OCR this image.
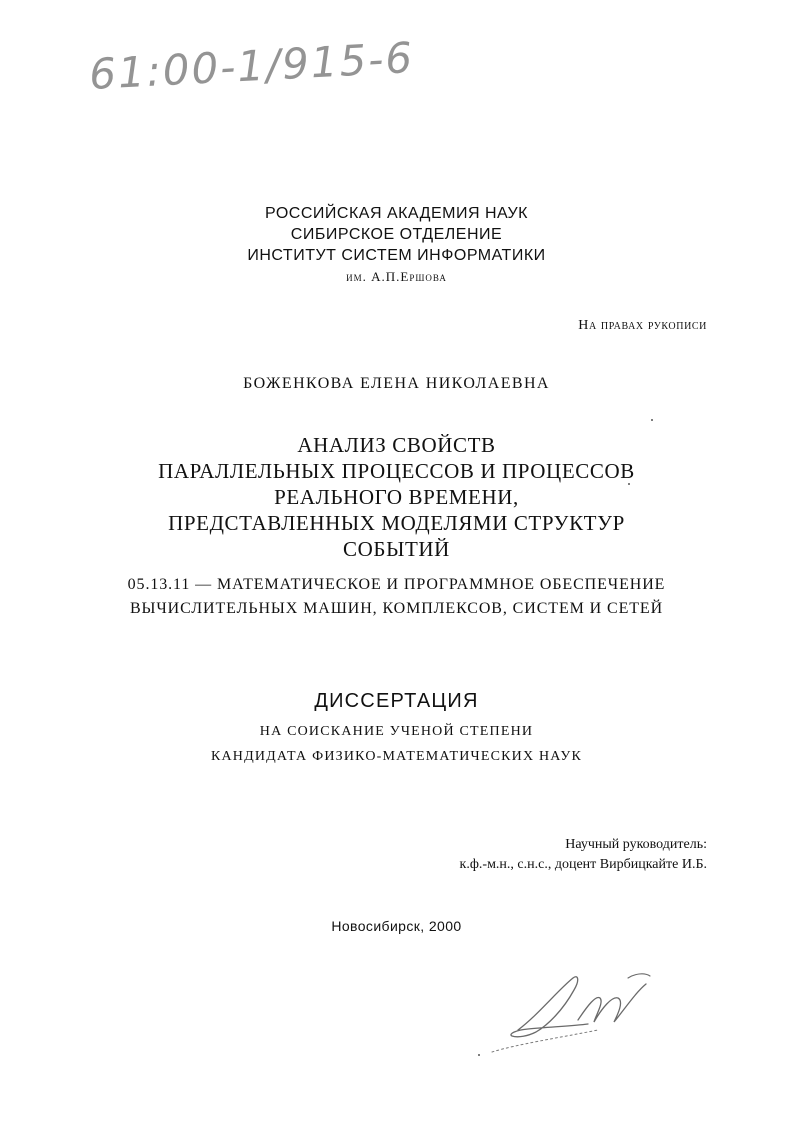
61:00-1/915-6
РОССИЙСКАЯ АКАДЕМИЯ НАУК
СИБИРСКОЕ ОТДЕЛЕНИЕ
ИНСТИТУТ СИСТЕМ ИНФОРМАТИКИ
им. А.П.Ершова
На правах рукописи
БОЖЕНКОВА ЕЛЕНА НИКОЛАЕВНА
АНАЛИЗ СВОЙСТВ
ПАРАЛЛЕЛЬНЫХ ПРОЦЕССОВ И ПРОЦЕССОВ
РЕАЛЬНОГО ВРЕМЕНИ,
ПРЕДСТАВЛЕННЫХ МОДЕЛЯМИ СТРУКТУР
СОБЫТИЙ
05.13.11 — МАТЕМАТИЧЕСКОЕ И ПРОГРАММНОЕ ОБЕСПЕЧЕНИЕ
ВЫЧИСЛИТЕЛЬНЫХ МАШИН, КОМПЛЕКСОВ, СИСТЕМ И СЕТЕЙ
ДИССЕРТАЦИЯ
НА СОИСКАНИЕ УЧЕНОЙ СТЕПЕНИ
КАНДИДАТА ФИЗИКО-МАТЕМАТИЧЕСКИХ НАУК
Научный руководитель:
к.ф.-м.н., с.н.с., доцент Вирбицкайте И.Б.
Новосибирск, 2000
